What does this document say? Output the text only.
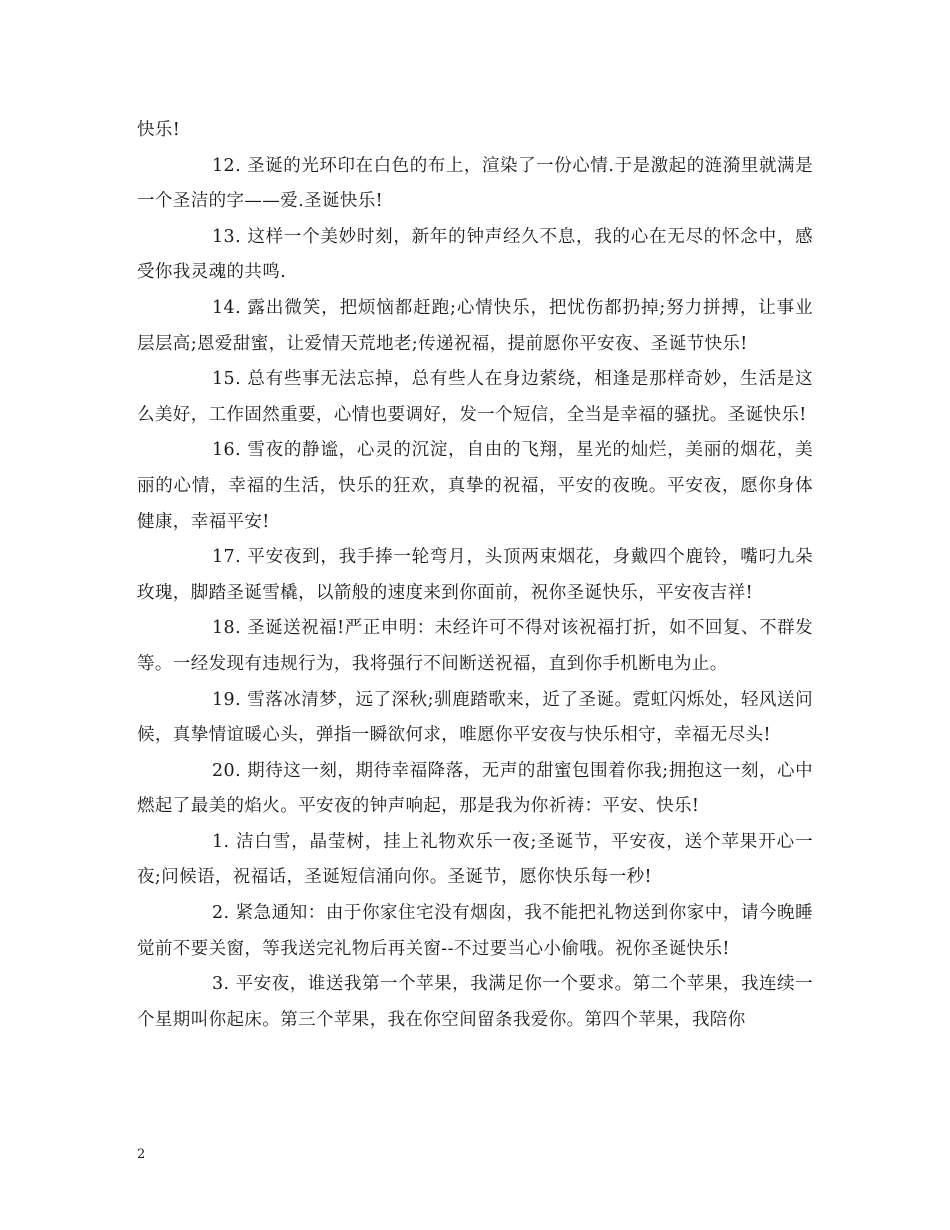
快乐!

12. 圣诞的光环印在白色的布上，渲染了一份心情.于是激起的涟漪里就满是一个圣洁的字——爱.圣诞快乐!

13. 这样一个美妙时刻，新年的钟声经久不息，我的心在无尽的怀念中，感受你我灵魂的共鸣.

14. 露出微笑，把烦恼都赶跑;心情快乐，把忧伤都扔掉;努力拼搏，让事业层层高;恩爱甜蜜，让爱情天荒地老;传递祝福，提前愿你平安夜、圣诞节快乐!

15. 总有些事无法忘掉，总有些人在身边萦绕，相逢是那样奇妙，生活是这么美好，工作固然重要，心情也要调好，发一个短信，全当是幸福的骚扰。圣诞快乐!

16. 雪夜的静谧，心灵的沉淀，自由的飞翔，星光的灿烂，美丽的烟花，美丽的心情，幸福的生活，快乐的狂欢，真挚的祝福，平安的夜晚。平安夜，愿你身体健康，幸福平安!

17. 平安夜到，我手捧一轮弯月，头顶两束烟花，身戴四个鹿铃，嘴叼九朵玫瑰，脚踏圣诞雪橇，以箭般的速度来到你面前，祝你圣诞快乐，平安夜吉祥!

18. 圣诞送祝福!严正申明：未经许可不得对该祝福打折，如不回复、不群发等。一经发现有违规行为，我将强行不间断送祝福，直到你手机断电为止。

19. 雪落冰清梦，远了深秋;驯鹿踏歌来，近了圣诞。霓虹闪烁处，轻风送问候，真挚情谊暖心头，弹指一瞬欲何求，唯愿你平安夜与快乐相守，幸福无尽头!

20. 期待这一刻，期待幸福降落，无声的甜蜜包围着你我;拥抱这一刻，心中燃起了最美的焰火。平安夜的钟声响起，那是我为你祈祷：平安、快乐!

1. 洁白雪，晶莹树，挂上礼物欢乐一夜;圣诞节，平安夜，送个苹果开心一夜;问候语，祝福话，圣诞短信涌向你。圣诞节，愿你快乐每一秒!

2. 紧急通知：由于你家住宅没有烟囱，我不能把礼物送到你家中，请今晚睡觉前不要关窗，等我送完礼物后再关窗--不过要当心小偷哦。祝你圣诞快乐!

3. 平安夜，谁送我第一个苹果，我满足你一个要求。第二个苹果，我连续一个星期叫你起床。第三个苹果，我在你空间留条我爱你。第四个苹果，我陪你

2
